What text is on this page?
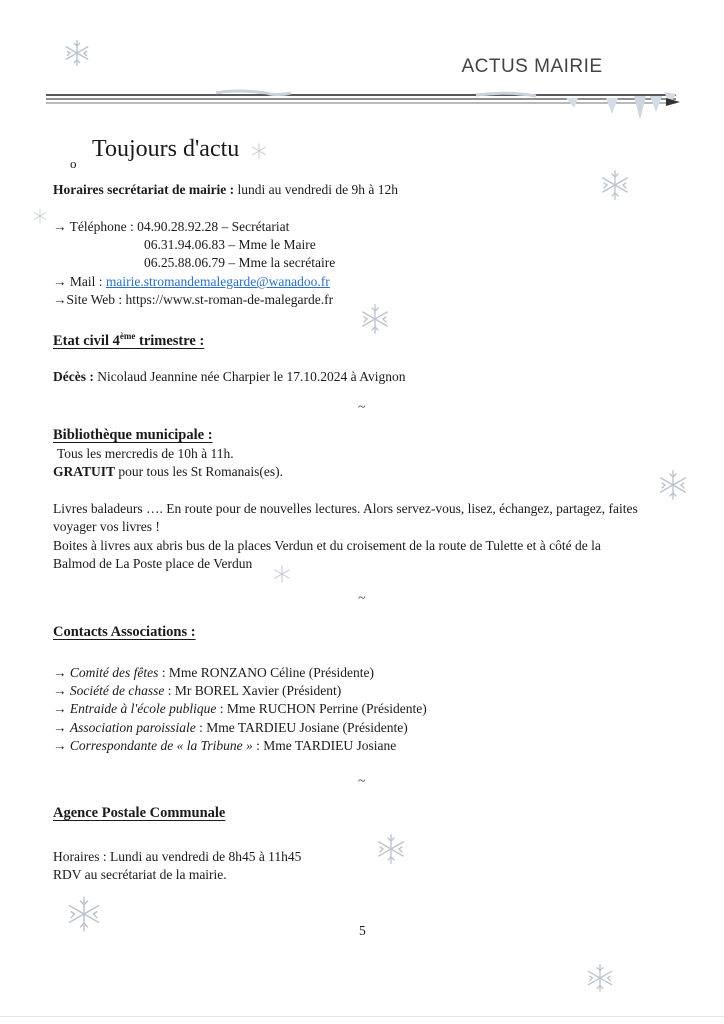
ACTUS MAIRIE
o
Toujours d'actu
Horaires secrétariat de mairie : lundi au vendredi de 9h à 12h
→ Téléphone : 04.90.28.92.28 – Secrétariat
06.31.94.06.83 – Mme le Maire
06.25.88.06.79 – Mme la secrétaire
→ Mail : mairie.stromandemalegarde@wanadoo.fr
→Site Web : https://www.st-roman-de-malegarde.fr
Etat civil 4ème trimestre :
Décès : Nicolaud Jeannine née Charpier le 17.10.2024 à Avignon
~
Bibliothèque municipale :
Tous les mercredis de 10h à 11h.
GRATUIT pour tous les St Romanais(es).
Livres baladeurs …. En route pour de nouvelles lectures. Alors servez-vous, lisez, échangez, partagez, faites
voyager vos livres !
Boites à livres aux abris bus de la places Verdun et du croisement de la route de Tulette et à côté de la
Balmod de La Poste place de Verdun
~
Contacts Associations :
→ Comité des fêtes : Mme RONZANO Céline (Présidente)
→ Société de chasse : Mr BOREL Xavier (Président)
→ Entraide à l'école publique : Mme RUCHON Perrine (Présidente)
→ Association paroissiale : Mme TARDIEU Josiane (Présidente)
→ Correspondante de « la Tribune » : Mme TARDIEU Josiane
~
Agence Postale Communale
Horaires : Lundi au vendredi de 8h45 à 11h45
RDV au secrétariat de la mairie.
5
